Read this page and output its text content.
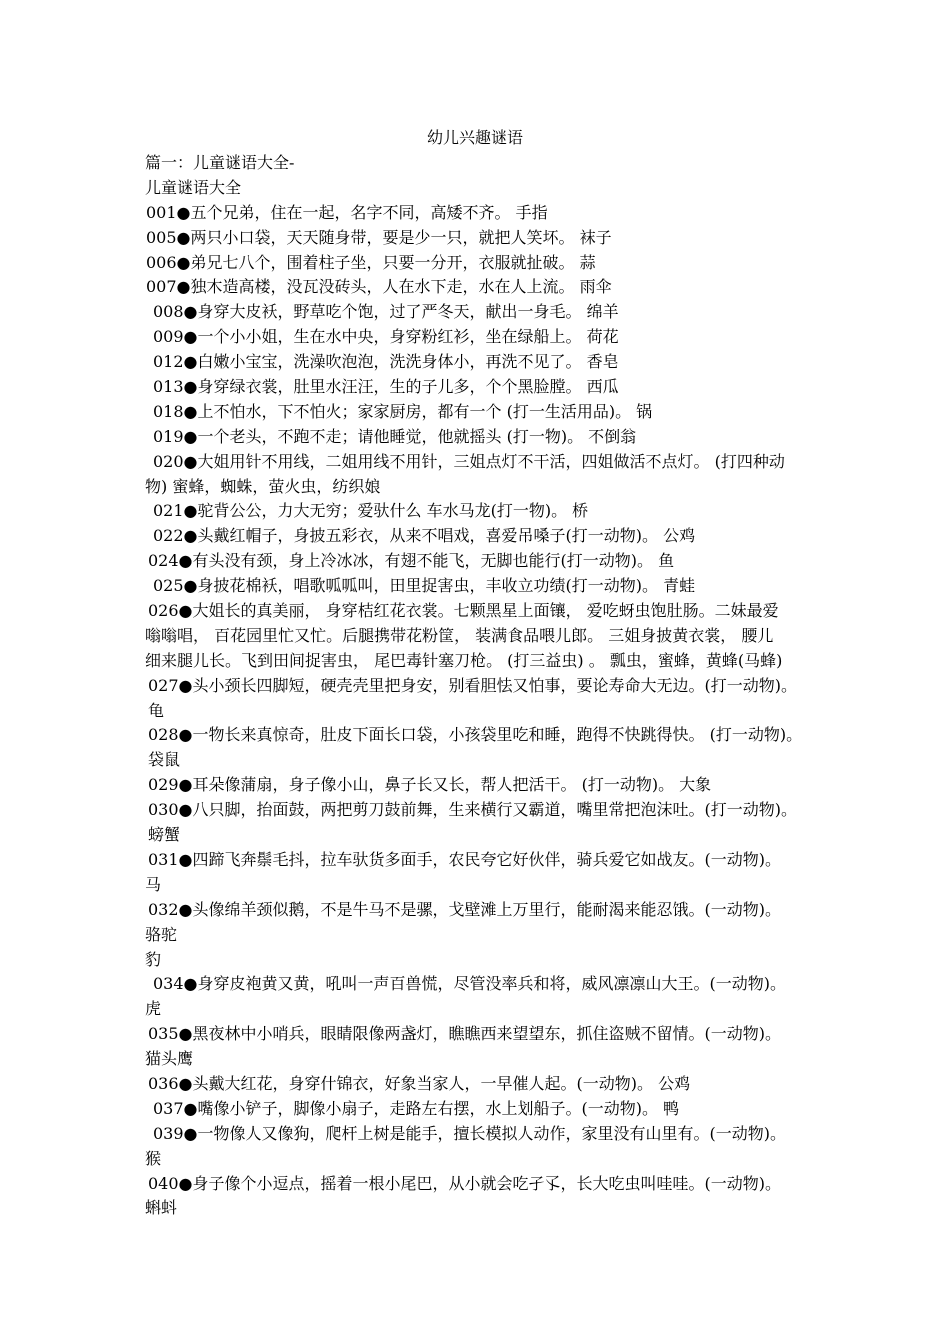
幼儿兴趣谜语
篇一：儿童谜语大全-
儿童谜语大全
001●五个兄弟，住在一起，名字不同，高矮不齐。 手指
005●两只小口袋，天天随身带，要是少一只，就把人笑坏。 袜子
006●弟兄七八个，围着柱子坐，只要一分开，衣服就扯破。 蒜
007●独木造高楼，没瓦没砖头，人在水下走，水在人上流。 雨伞
008●身穿大皮袄，野草吃个饱，过了严冬天，献出一身毛。 绵羊
009●一个小小姐，生在水中央，身穿粉红衫，坐在绿船上。 荷花
012●白嫩小宝宝，洗澡吹泡泡，洗洗身体小，再洗不见了。 香皂
013●身穿绿衣裳，肚里水汪汪，生的子儿多，个个黑脸膛。 西瓜
018●上不怕水，下不怕火；家家厨房，都有一个 (打一生活用品)。 锅
019●一个老头，不跑不走；请他睡觉，他就摇头 (打一物)。 不倒翁
020●大姐用针不用线，二姐用线不用针，三姐点灯不干活，四姐做活不点灯。 (打四种动
物) 蜜蜂，蜘蛛，萤火虫，纺织娘
021●驼背公公，力大无穷；爱驮什么 车水马龙(打一物)。 桥
022●头戴红帽子，身披五彩衣，从来不唱戏，喜爱吊嗓子(打一动物)。 公鸡
024●有头没有颈，身上冷冰冰，有翅不能飞，无脚也能行(打一动物)。 鱼
025●身披花棉袄，唱歌呱呱叫，田里捉害虫，丰收立功绩(打一动物)。 青蛙
026●大姐长的真美丽， 身穿桔红花衣裳。七颗黑星上面镶， 爱吃蚜虫饱肚肠。二妹最爱
嗡嗡唱， 百花园里忙又忙。后腿携带花粉筐， 装满食品喂儿郎。 三姐身披黄衣裳， 腰儿
细来腿儿长。飞到田间捉害虫， 尾巴毒针塞刀枪。 (打三益虫) 。 瓢虫，蜜蜂，黄蜂(马蜂)
027●头小颈长四脚短，硬壳壳里把身安，别看胆怯又怕事，要论寿命大无边。(打一动物)。
龟
028●一物长来真惊奇，肚皮下面长口袋，小孩袋里吃和睡，跑得不快跳得快。 (打一动物)。
袋鼠
029●耳朵像蒲扇，身子像小山，鼻子长又长，帮人把活干。 (打一动物)。 大象
030●八只脚，抬面鼓，两把剪刀鼓前舞，生来横行又霸道，嘴里常把泡沫吐。(打一动物)。
螃蟹
031●四蹄飞奔鬃毛抖，拉车驮货多面手，农民夸它好伙伴，骑兵爱它如战友。(一动物)。
马
032●头像绵羊颈似鹅，不是牛马不是骡，戈壁滩上万里行，能耐渴来能忍饿。(一动物)。
骆驼
豹
034●身穿皮袍黄又黄，吼叫一声百兽慌，尽管没率兵和将，威风凛凛山大王。(一动物)。
虎
035●黑夜林中小哨兵，眼睛限像两盏灯，瞧瞧西来望望东，抓住盗贼不留情。(一动物)。
猫头鹰
036●头戴大红花，身穿什锦衣，好象当家人，一早催人起。(一动物)。 公鸡
037●嘴像小铲子，脚像小扇子，走路左右摆，水上划船子。(一动物)。 鸭
039●一物像人又像狗，爬杆上树是能手，擅长模拟人动作，家里没有山里有。(一动物)。
猴
040●身子像个小逗点，摇着一根小尾巴，从小就会吃孑孓，长大吃虫叫哇哇。(一动物)。
蝌蚪
